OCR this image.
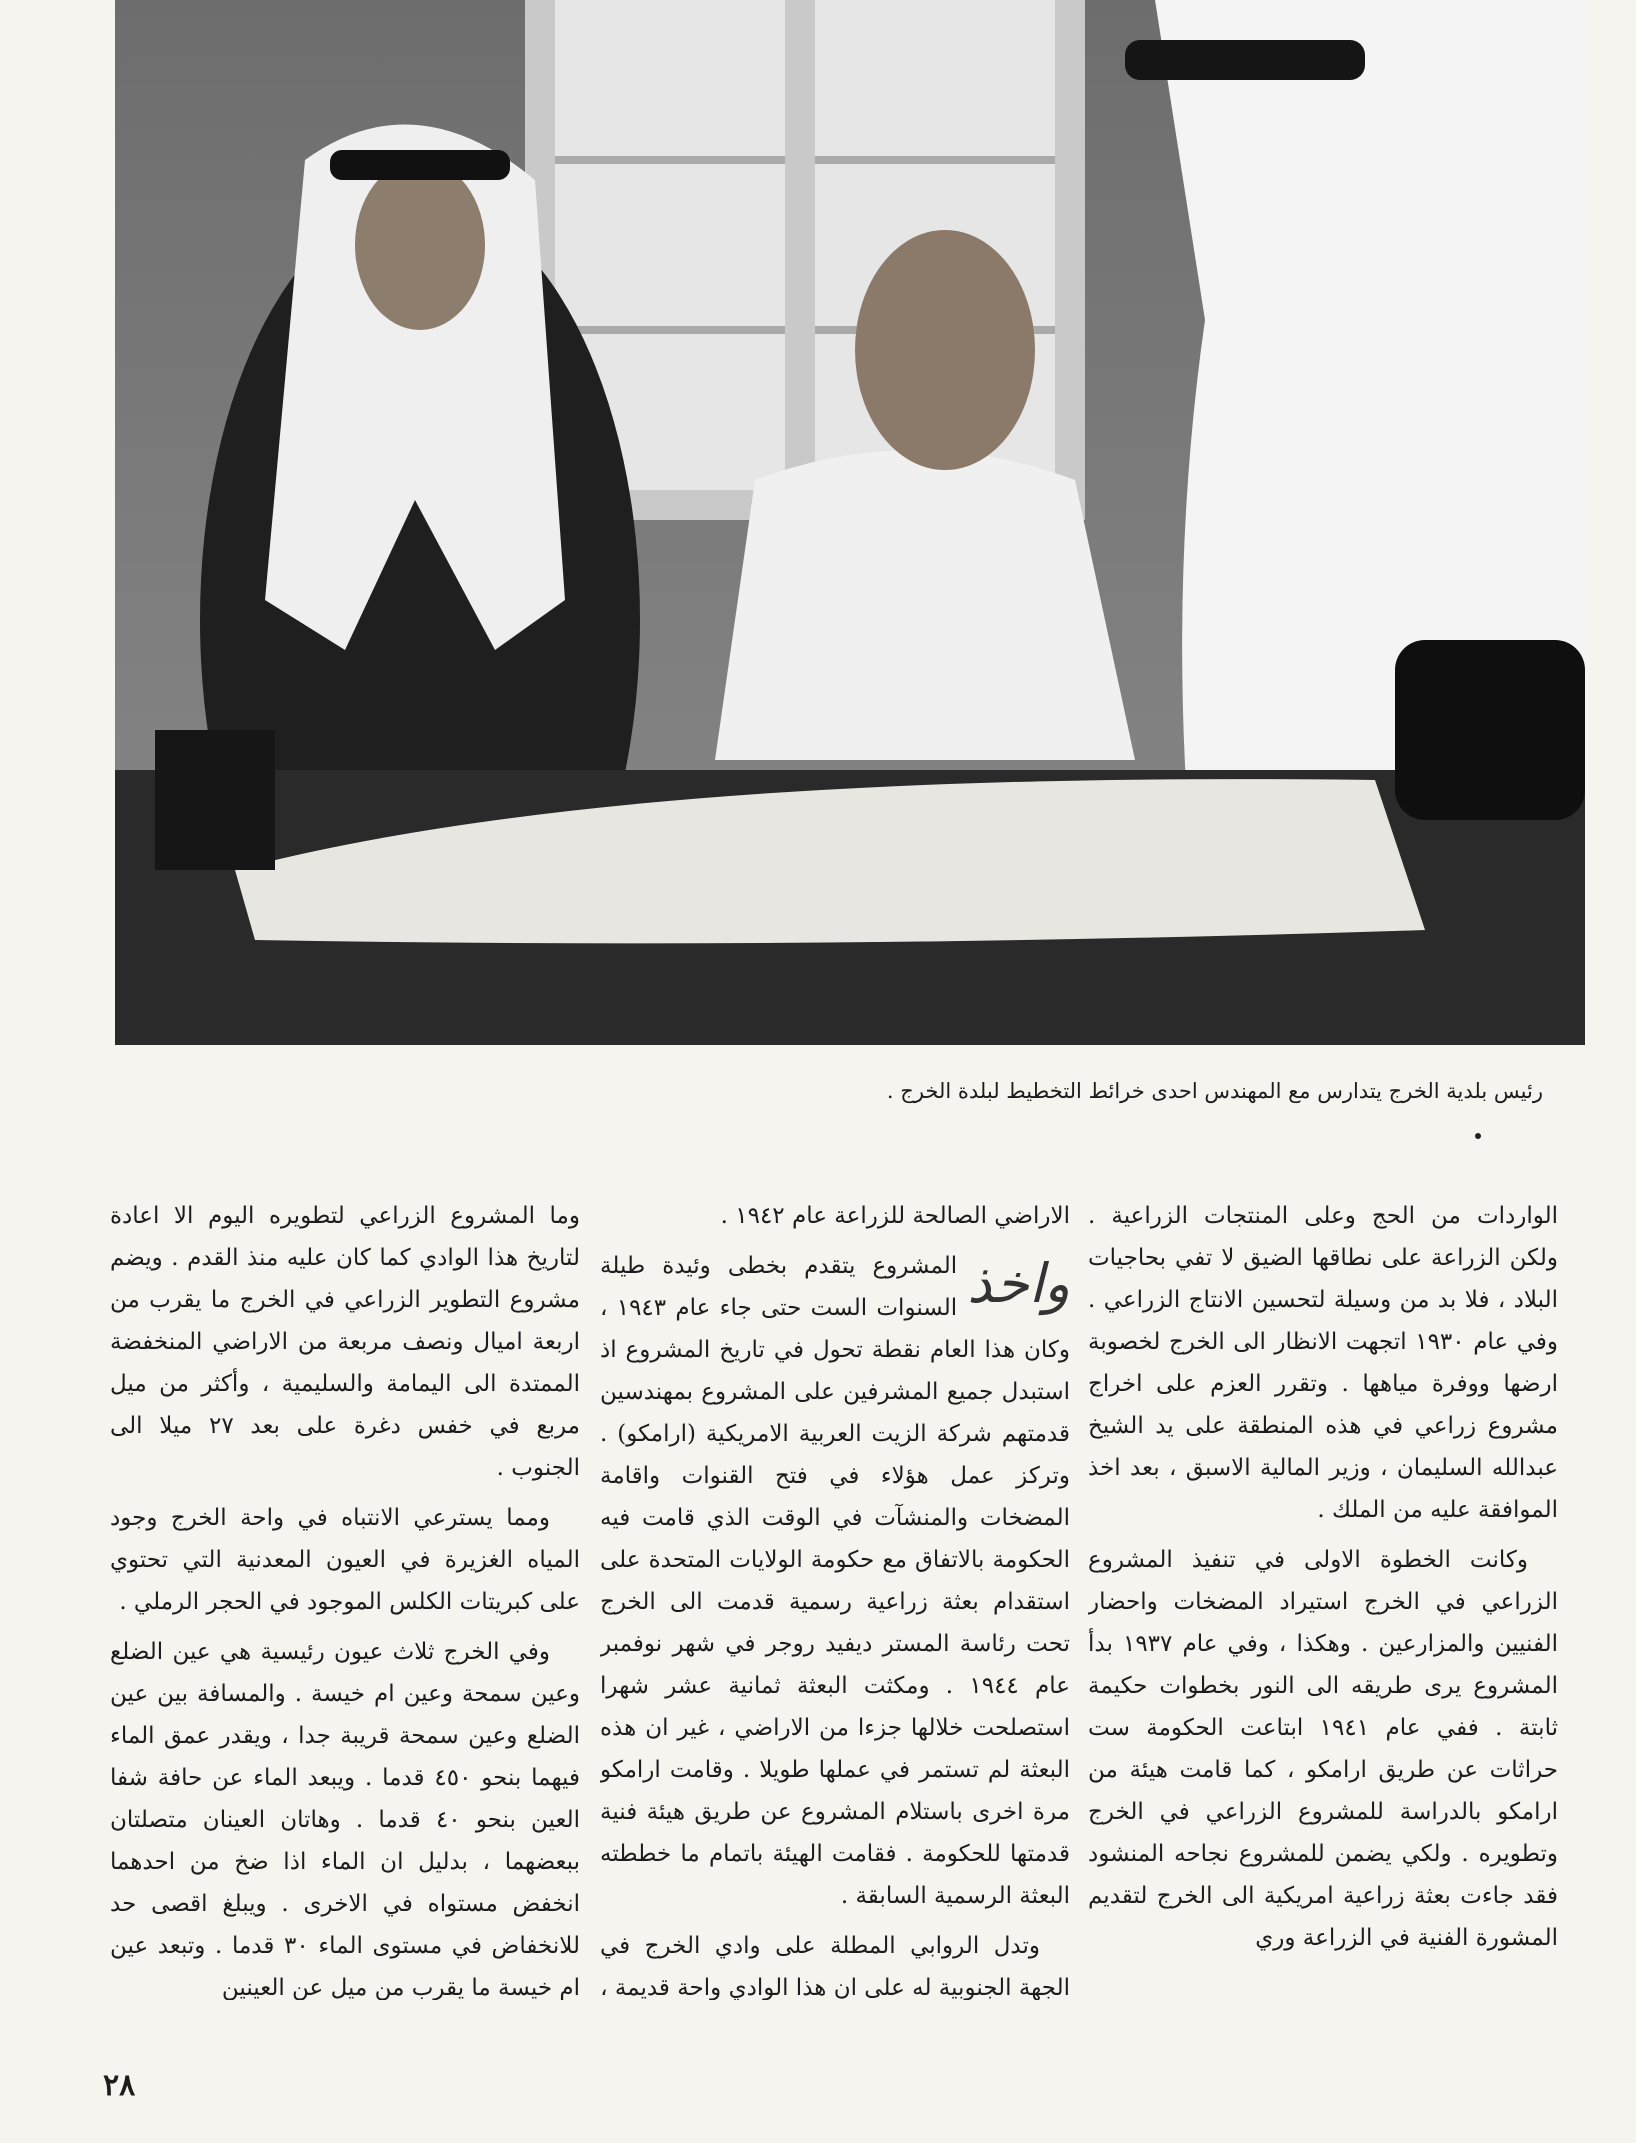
رئيس بلدية الخرج يتدارس مع المهندس احدى خرائط التخطيط لبلدة الخرج .

الواردات من الحج وعلى المنتجات الزراعية . ولكن الزراعة على نطاقها الضيق لا تفي بحاجيات البلاد ، فلا بد من وسيلة لتحسين الانتاج الزراعي . وفي عام ١٩٣٠ اتجهت الانظار الى الخرج لخصوبة ارضها ووفرة مياهها . وتقرر العزم على اخراج مشروع زراعي في هذه المنطقة على يد الشيخ عبدالله السليمان ، وزير المالية الاسبق ، بعد اخذ الموافقة عليه من الملك .

وكانت الخطوة الاولى في تنفيذ المشروع الزراعي في الخرج استيراد المضخات واحضار الفنيين والمزارعين . وهكذا ، وفي عام ١٩٣٧ بدأ المشروع يرى طريقه الى النور بخطوات حكيمة ثابتة . ففي عام ١٩٤١ ابتاعت الحكومة ست حراثات عن طريق ارامكو ، كما قامت هيئة من ارامكو بالدراسة للمشروع الزراعي في الخرج وتطويره . ولكي يضمن للمشروع نجاحه المنشود فقد جاءت بعثة زراعية امريكية الى الخرج لتقديم المشورة الفنية في الزراعة وري

الاراضي الصالحة للزراعة عام ١٩٤٢ .

واخذ

المشروع يتقدم بخطى وئيدة طيلة السنوات الست حتى جاء عام ١٩٤٣ ، وكان هذا العام نقطة تحول في تاريخ المشروع اذ استبدل جميع المشرفين على المشروع بمهندسين قدمتهم شركة الزيت العربية الامريكية (ارامكو) . وتركز عمل هؤلاء في فتح القنوات واقامة المضخات والمنشآت في الوقت الذي قامت فيه الحكومة بالاتفاق مع حكومة الولايات المتحدة على استقدام بعثة زراعية رسمية قدمت الى الخرج تحت رئاسة المستر ديفيد روجر في شهر نوفمبر عام ١٩٤٤ . ومكثت البعثة ثمانية عشر شهرا استصلحت خلالها جزءا من الاراضي ، غير ان هذه البعثة لم تستمر في عملها طويلا . وقامت ارامكو مرة اخرى باستلام المشروع عن طريق هيئة فنية قدمتها للحكومة . فقامت الهيئة باتمام ما خططته البعثة الرسمية السابقة .

وتدل الروابي المطلة على وادي الخرج في الجهة الجنوبية له على ان هذا الوادي واحة قديمة ،

وما المشروع الزراعي لتطويره اليوم الا اعادة لتاريخ هذا الوادي كما كان عليه منذ القدم . ويضم مشروع التطوير الزراعي في الخرج ما يقرب من اربعة اميال ونصف مربعة من الاراضي المنخفضة الممتدة الى اليمامة والسليمية ، وأكثر من ميل مربع في خفس دغرة على بعد ٢٧ ميلا الى الجنوب .

ومما يسترعي الانتباه في واحة الخرج وجود المياه الغزيرة في العيون المعدنية التي تحتوي على كبريتات الكلس الموجود في الحجر الرملي .

وفي الخرج ثلاث عيون رئيسية هي عين الضلع وعين سمحة وعين ام خيسة . والمسافة بين عين الضلع وعين سمحة قريبة جدا ، ويقدر عمق الماء فيهما بنحو ٤٥٠ قدما . ويبعد الماء عن حافة شفا العين بنحو ٤٠ قدما . وهاتان العينان متصلتان ببعضهما ، بدليل ان الماء اذا ضخ من احدهما انخفض مستواه في الاخرى . ويبلغ اقصى حد للانخفاض في مستوى الماء ٣٠ قدما . وتبعد عين ام خيسة ما يقرب من ميل عن العينين

٢٨
